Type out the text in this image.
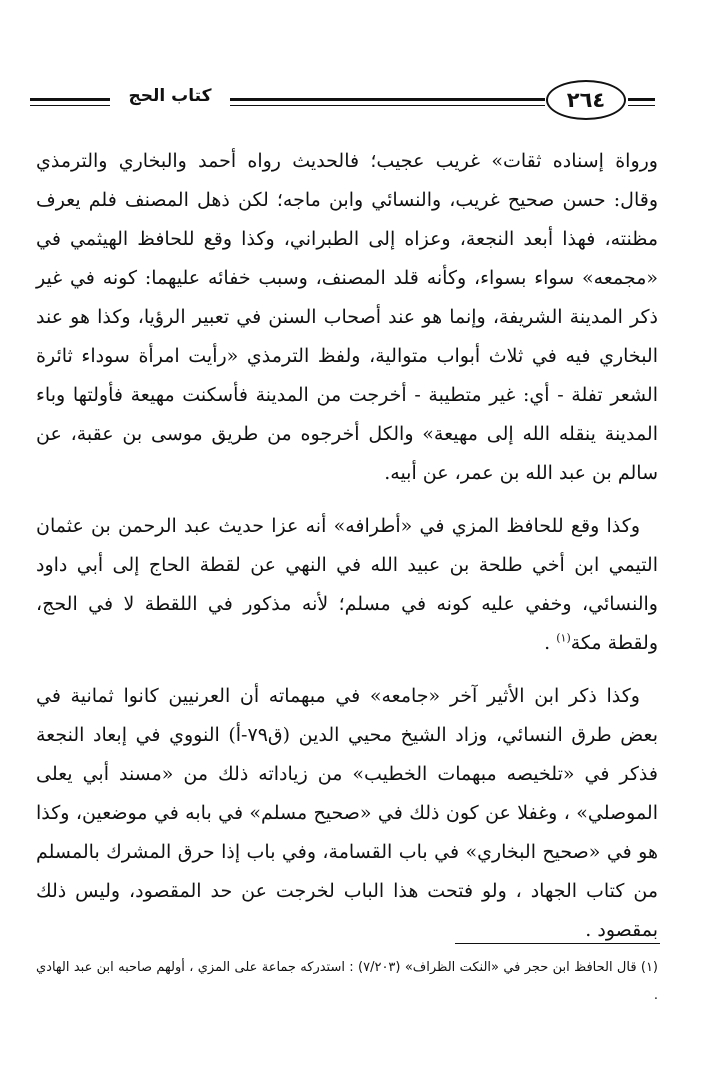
كتاب الحج	٢٦٤

ورواة إسناده ثقات» غريب عجيب؛ فالحديث رواه أحمد والبخاري والترمذي وقال: حسن صحيح غريب، والنسائي وابن ماجه؛ لكن ذهل المصنف فلم يعرف مظنته، فهذا أبعد النجعة، وعزاه إلى الطبراني، وكذا وقع للحافظ الهيثمي في «مجمعه» سواء بسواء، وكأنه قلد المصنف، وسبب خفائه عليهما: كونه في غير ذكر المدينة الشريفة، وإنما هو عند أصحاب السنن في تعبير الرؤيا، وكذا هو عند البخاري فيه في ثلاث أبواب متوالية، ولفظ الترمذي «رأيت امرأة سوداء ثائرة الشعر تفلة - أي: غير متطيبة - أخرجت من المدينة فأسكنت مهيعة فأولتها وباء المدينة ينقله الله إلى مهيعة» والكل أخرجوه من طريق موسى بن عقبة، عن سالم بن عبد الله بن عمر، عن أبيه.

وكذا وقع للحافظ المزي في «أطرافه» أنه عزا حديث عبد الرحمن بن عثمان التيمي ابن أخي طلحة بن عبيد الله في النهي عن لقطة الحاج إلى أبي داود والنسائي، وخفي عليه كونه في مسلم؛ لأنه مذكور في اللقطة لا في الحج، ولقطة مكة$^{(١)}$ .

وكذا ذكر ابن الأثير آخر «جامعه» في مبهماته أن العرنيين كانوا ثمانية في بعض طرق النسائي، وزاد الشيخ محيي الدين (ق٧٩-أ) النووي في إبعاد النجعة فذكر في «تلخيصه مبهمات الخطيب» من زياداته ذلك من «مسند أبي يعلى الموصلي» ، وغفلا عن كون ذلك في «صحيح مسلم» في بابه في موضعين، وكذا هو في «صحيح البخاري» في باب القسامة، وفي باب إذا حرق المشرك بالمسلم من كتاب الجهاد ، ولو فتحت هذا الباب لخرجت عن حد المقصود، وليس ذلك بمقصود .

(١) قال الحافظ ابن حجر في «النكت الظراف» (٧/٢٠٣) : استدركه جماعة على المزي ، أولهم صاحبه ابن عبد الهادي .
